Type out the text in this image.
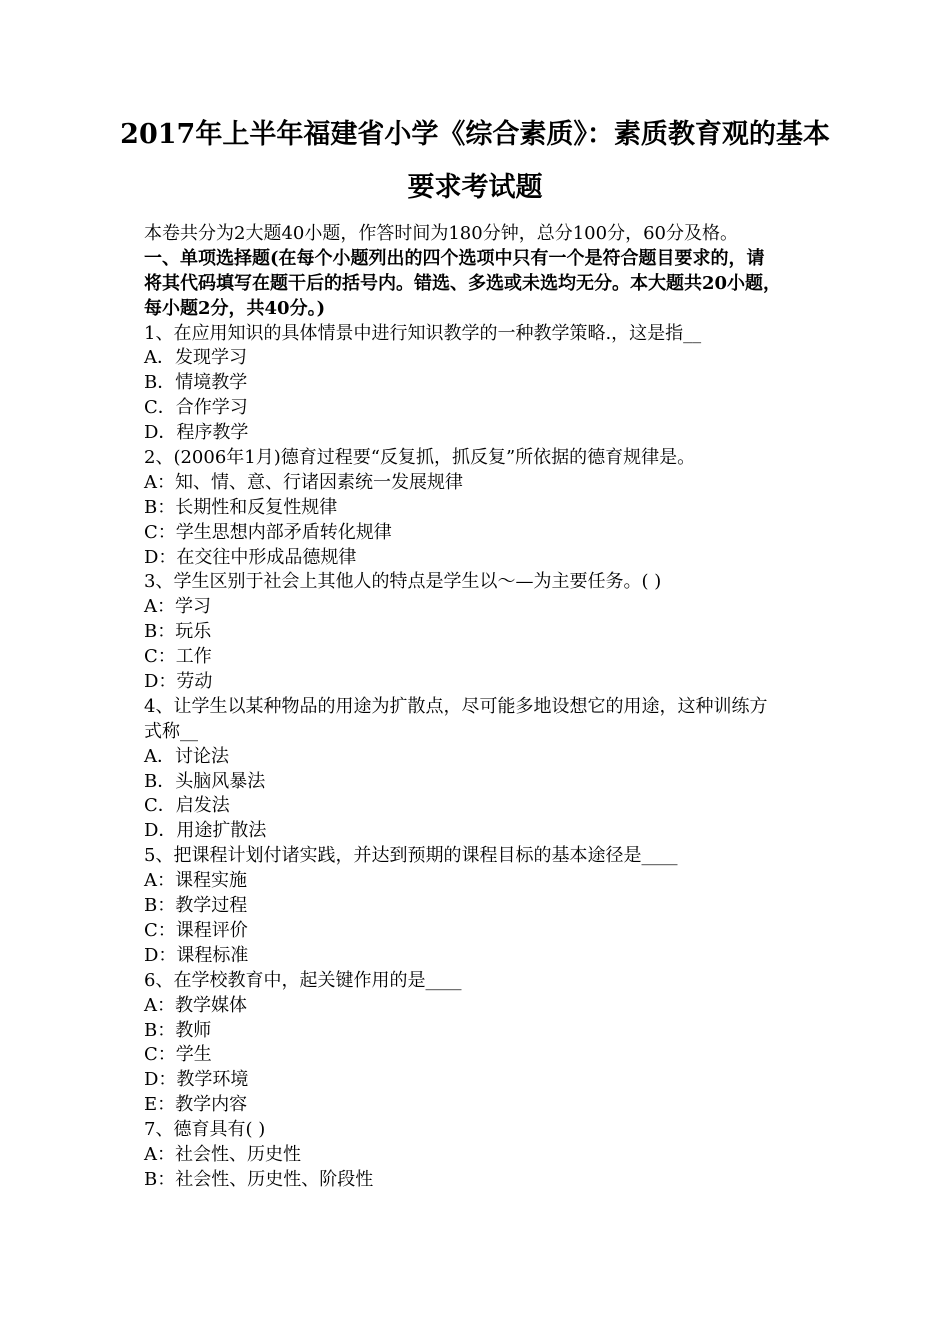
2017年上半年福建省小学《综合素质》：素质教育观的基本
要求考试题
本卷共分为2大题40小题，作答时间为180分钟，总分100分，60分及格。
一、单项选择题(在每个小题列出的四个选项中只有一个是符合题目要求的，请
将其代码填写在题干后的括号内。错选、多选或未选均无分。本大题共20小题，
每小题2分，共40分。)
1、在应用知识的具体情景中进行知识教学的一种教学策略.，这是指__
A．发现学习
B．情境教学
C．合作学习
D．程序教学
2、(2006年1月)德育过程要“反复抓，抓反复”所依据的德育规律是。
A：知、情、意、行诸因素统一发展规律
B：长期性和反复性规律
C：学生思想内部矛盾转化规律
D：在交往中形成品德规律
3、学生区别于社会上其他人的特点是学生以～—为主要任务。( )
A：学习
B：玩乐
C：工作
D：劳动
4、让学生以某种物品的用途为扩散点，尽可能多地设想它的用途，这种训练方
式称__
A．讨论法
B．头脑风暴法
C．启发法
D．用途扩散法
5、把课程计划付诸实践，并达到预期的课程目标的基本途径是____
A：课程实施
B：教学过程
C：课程评价
D：课程标准
6、在学校教育中，起关键作用的是____
A：教学媒体
B：教师
C：学生
D：教学环境
E：教学内容
7、德育具有( )
A：社会性、历史性
B：社会性、历史性、阶段性
